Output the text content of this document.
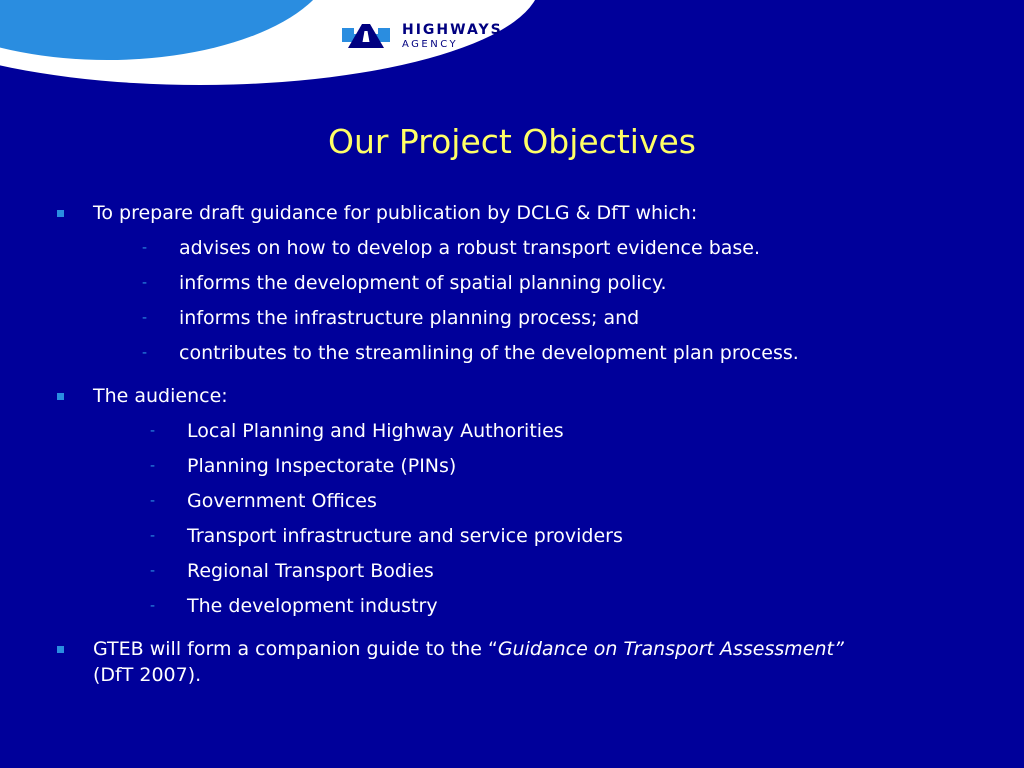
HIGHWAYS
AGENCY
Our Project Objectives
To prepare draft guidance for publication by DCLG & DfT which:
- advises on how to develop a robust transport evidence base.
- informs the development of spatial planning policy.
- informs the infrastructure planning process; and
- contributes to the streamlining of the development plan process.
The audience:
- Local Planning and Highway Authorities
- Planning Inspectorate (PINs)
- Government Offices
- Transport infrastructure and service providers
- Regional Transport Bodies
- The development industry
GTEB will form a companion guide to the “Guidance on Transport Assessment”
(DfT 2007).
